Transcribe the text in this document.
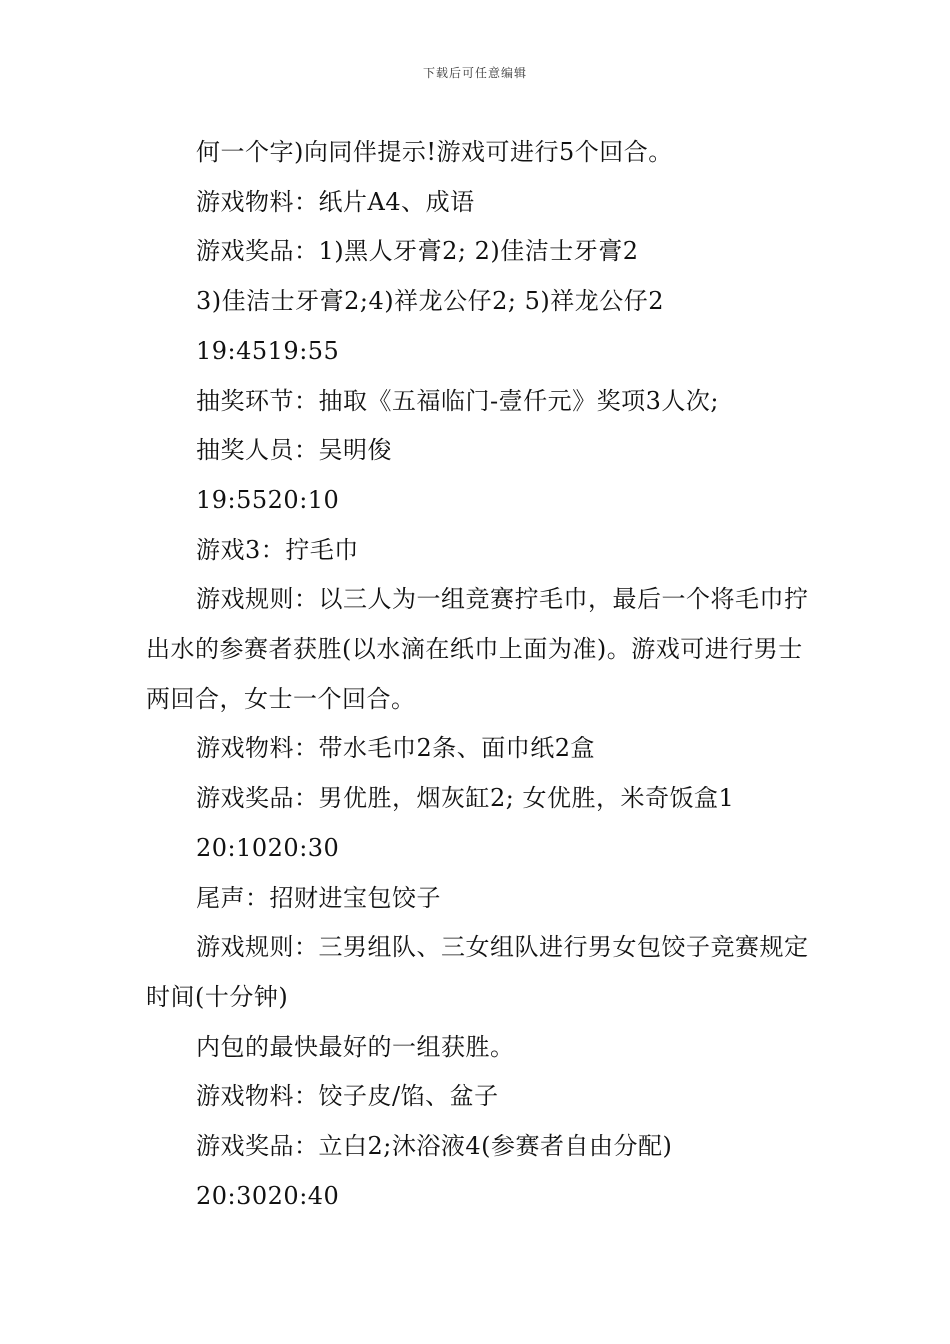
下载后可任意编辑

何一个字)向同伴提示!游戏可进行5个回合。

游戏物料：纸片A4、成语

游戏奖品：1)黑人牙膏2; 2)佳洁士牙膏2

3)佳洁士牙膏2;4)祥龙公仔2; 5)祥龙公仔2

19:4519:55

抽奖环节：抽取《五福临门-壹仟元》奖项3人次;

抽奖人员：吴明俊

19:5520:10

游戏3：拧毛巾

游戏规则：以三人为一组竞赛拧毛巾，最后一个将毛巾拧出水的参赛者获胜(以水滴在纸巾上面为准)。游戏可进行男士两回合，女士一个回合。

游戏物料：带水毛巾2条、面巾纸2盒

游戏奖品：男优胜，烟灰缸2; 女优胜，米奇饭盒1

20:1020:30

尾声：招财进宝包饺子

游戏规则：三男组队、三女组队进行男女包饺子竞赛规定时间(十分钟)

内包的最快最好的一组获胜。

游戏物料：饺子皮/馅、盆子

游戏奖品：立白2;沐浴液4(参赛者自由分配)

20:3020:40
